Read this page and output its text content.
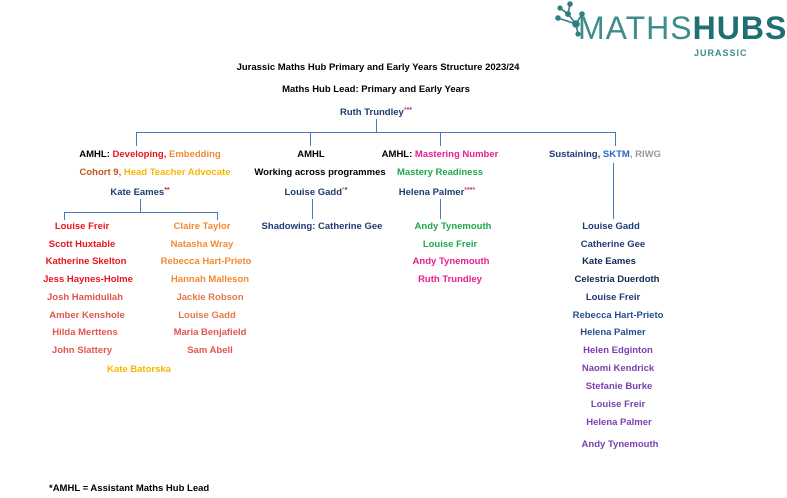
MATHSHUBS
JURASSIC
Jurassic Maths Hub Primary and Early Years Structure 2023/24
Maths Hub Lead: Primary and Early Years
Ruth Trundley***
AMHL: Developing, Embedding
Cohort 9, Head Teacher Advocate
Kate Eames**
Louise Freir
Scott Huxtable
Katherine Skelton
Jess Haynes-Holme
Josh Hamidullah
Amber Kenshole
Hilda Merttens
John Slattery
Claire Taylor
Natasha Wray
Rebecca Hart-Prieto
Hannah Malleson
Jackie Robson
Louise Gadd
Maria Benjafield
Sam Abell
Kate Batorska
AMHL
Working across programmes
Louise Gadd**
Shadowing: Catherine Gee
AMHL: Mastering Number
Mastery Readiness
Helena Palmer****
Andy Tynemouth
Louise Freir
Andy Tynemouth
Ruth Trundley
Sustaining, SKTM, RIWG
Louise Gadd
Catherine Gee
Kate Eames
Celestria Duerdoth
Louise Freir
Rebecca Hart-Prieto
Helena Palmer
Helen Edginton
Naomi Kendrick
Stefanie Burke
Louise Freir
Helena Palmer
Andy Tynemouth
*AMHL = Assistant Maths Hub Lead
